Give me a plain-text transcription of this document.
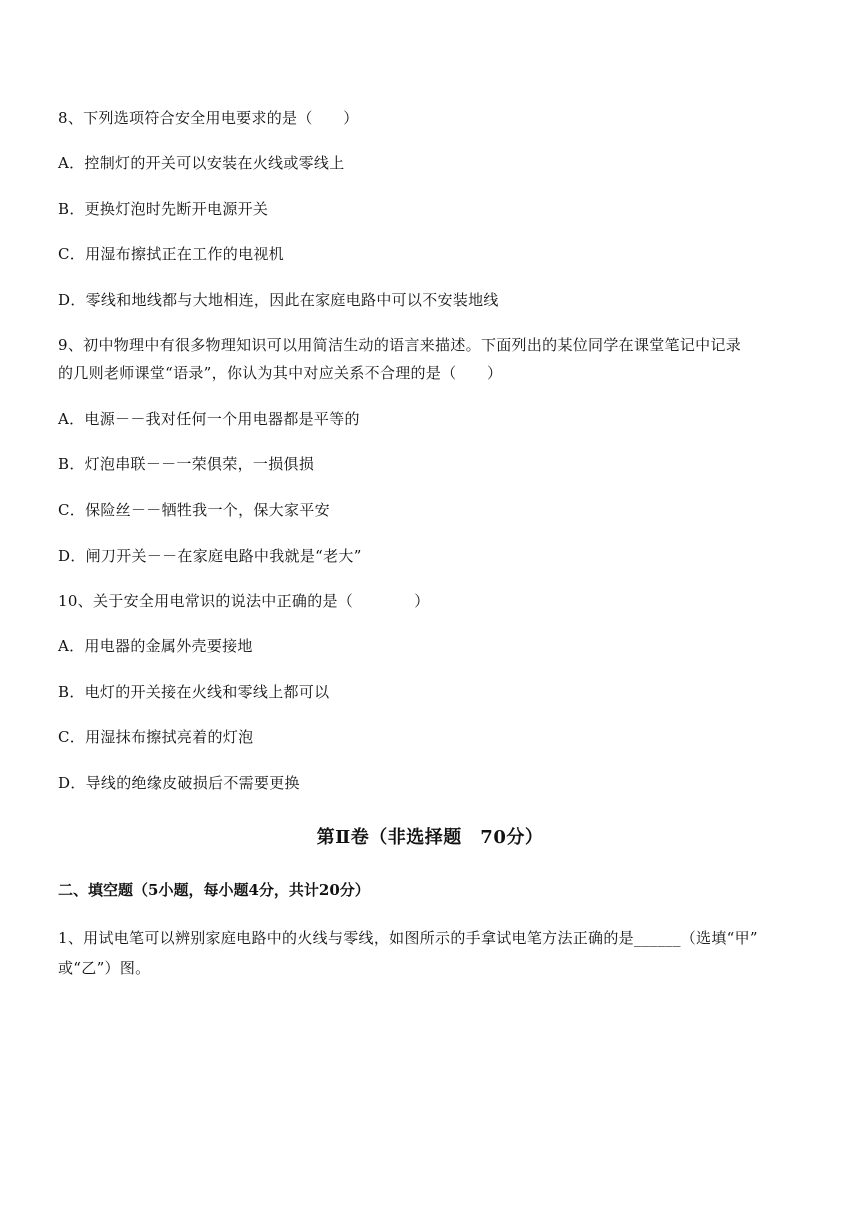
8、下列选项符合安全用电要求的是（　　）
A．控制灯的开关可以安装在火线或零线上
B．更换灯泡时先断开电源开关
C．用湿布擦拭正在工作的电视机
D．零线和地线都与大地相连，因此在家庭电路中可以不安装地线
9、初中物理中有很多物理知识可以用简洁生动的语言来描述。下面列出的某位同学在课堂笔记中记录
的几则老师课堂“语录”，你认为其中对应关系不合理的是（　　）
A．电源－－我对任何一个用电器都是平等的
B．灯泡串联－－一荣俱荣，一损俱损
C．保险丝－－牺牲我一个，保大家平安
D．闸刀开关－－在家庭电路中我就是“老大”
10、关于安全用电常识的说法中正确的是（　　　　）
A．用电器的金属外壳要接地
B．电灯的开关接在火线和零线上都可以
C．用湿抹布擦拭亮着的灯泡
D．导线的绝缘皮破损后不需要更换
第Ⅱ卷（非选择题　70分）
二、填空题（5小题，每小题4分，共计20分）
1、用试电笔可以辨别家庭电路中的火线与零线，如图所示的手拿试电笔方法正确的是______（选填“甲”
或“乙”）图。
